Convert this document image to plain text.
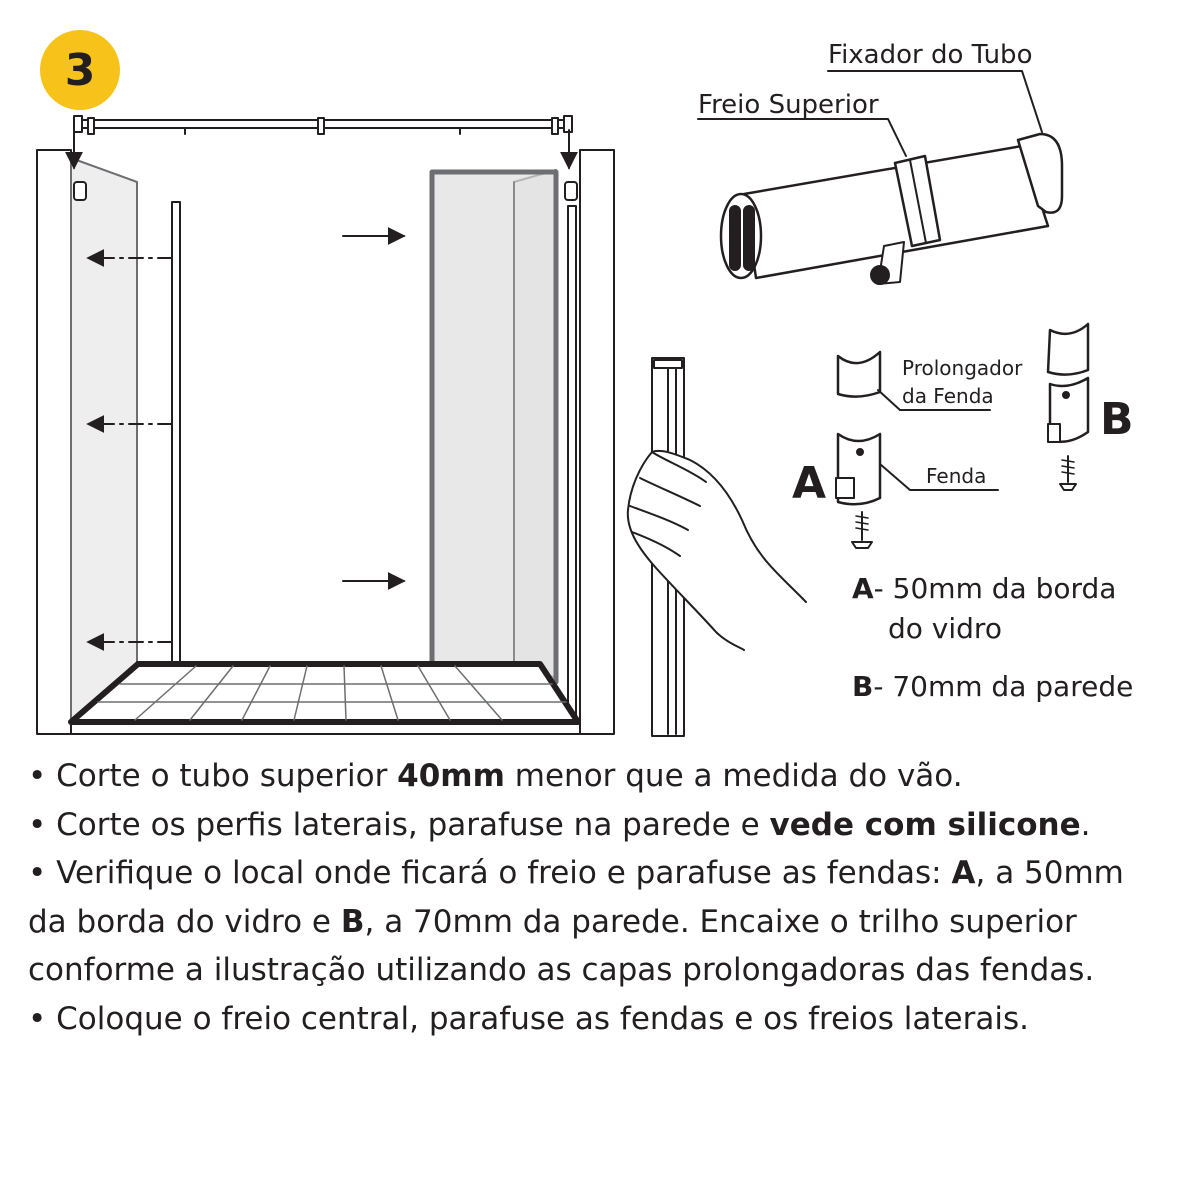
3	Fixador do Tubo
Freio Superior
Prolongador
da Fenda
Fenda
A
B
A- 50mm da borda
do vidro
B- 70mm da parede

• Corte o tubo superior 40mm menor que a medida do vão.

• Corte os perfis laterais, parafuse na parede e vede com silicone.

• Verifique o local onde ficará o freio e parafuse as fendas: A, a 50mm

da borda do vidro e B, a 70mm da parede. Encaixe o trilho superior

conforme a ilustração utilizando as capas prolongadoras das fendas.

• Coloque o freio central, parafuse as fendas e os freios laterais.
